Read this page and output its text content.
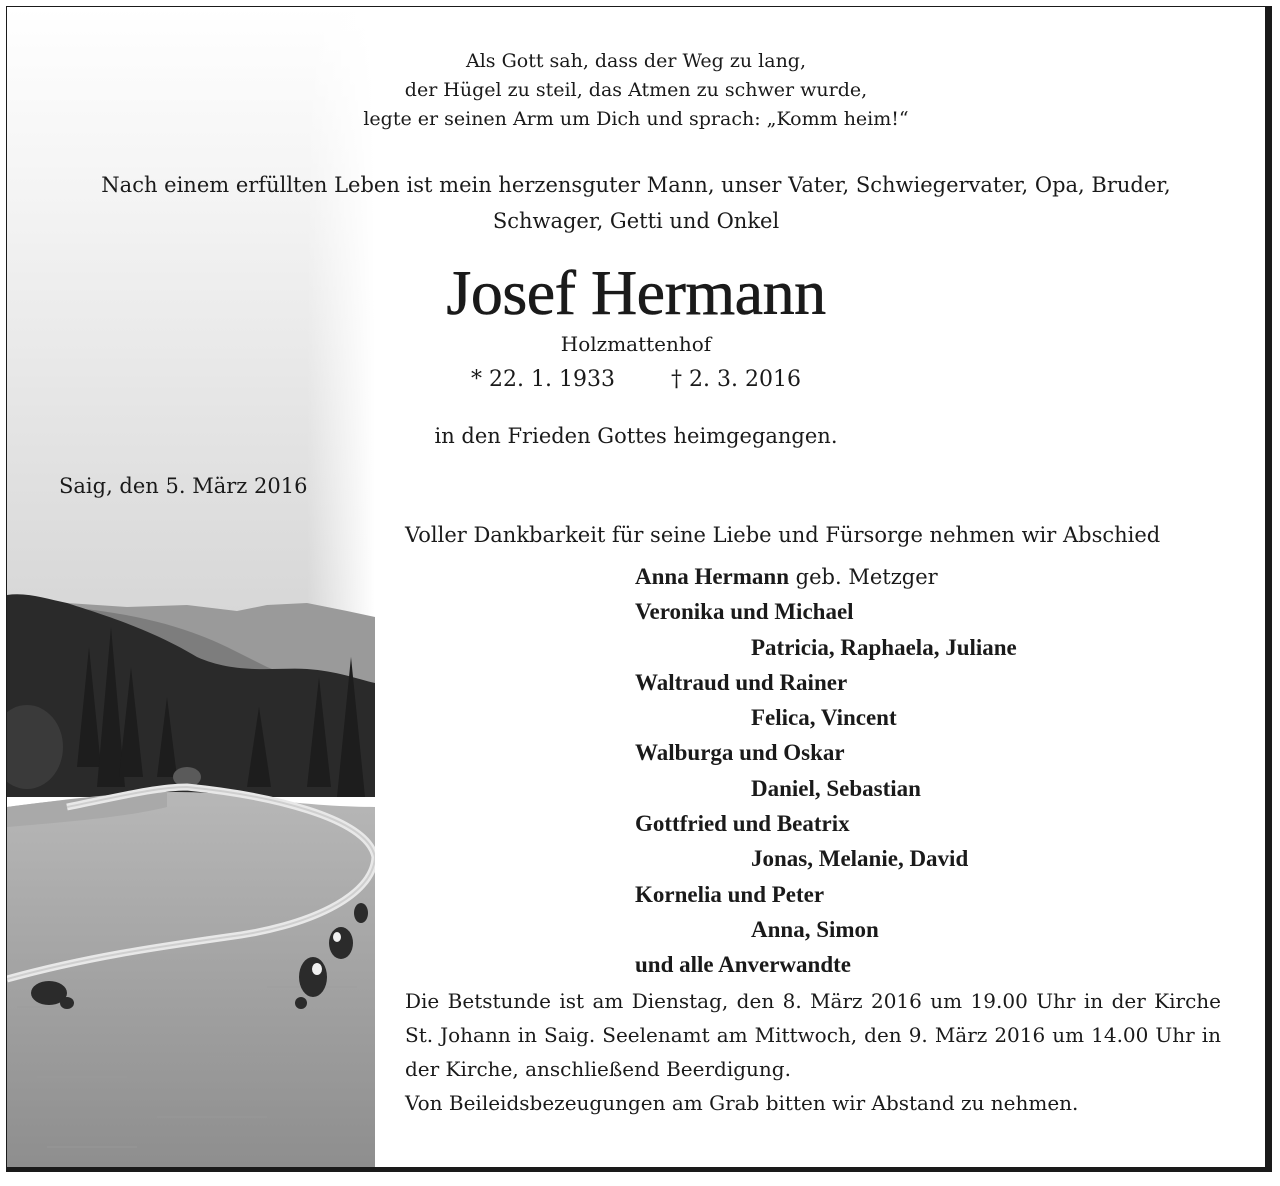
Als Gott sah, dass der Weg zu lang,
der Hügel zu steil, das Atmen zu schwer wurde,
legte er seinen Arm um Dich und sprach: „Komm heim!“
Nach einem erfüllten Leben ist mein herzensguter Mann, unser Vater, Schwiegervater, Opa, Bruder,
Schwager, Getti und Onkel
Josef Hermann
Holzmattenhof
* 22. 1. 1933	† 2. 3. 2016
in den Frieden Gottes heimgegangen.
Saig, den 5. März 2016
Voller Dankbarkeit für seine Liebe und Fürsorge nehmen wir Abschied
Anna Hermann geb. Metzger
Veronika und Michael
Patricia, Raphaela, Juliane
Waltraud und Rainer
Felica, Vincent
Walburga und Oskar
Daniel, Sebastian
Gottfried und Beatrix
Jonas, Melanie, David
Kornelia und Peter
Anna, Simon
und alle Anverwandte
Die Betstunde ist am Dienstag, den 8. März 2016 um 19.00 Uhr in der Kirche St. Johann in Saig. Seelenamt am Mittwoch, den 9. März 2016 um 14.00 Uhr in der Kirche, anschließend Beerdigung.
Von Beileidsbezeugungen am Grab bitten wir Abstand zu nehmen.
